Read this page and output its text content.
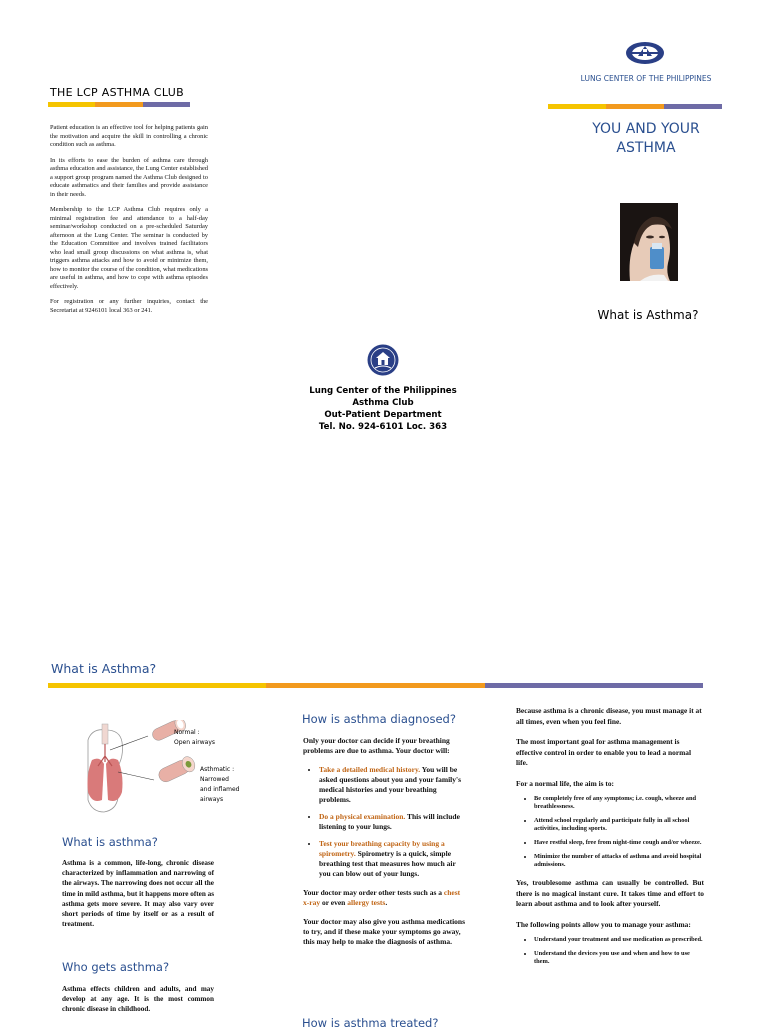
THE LCP ASTHMA CLUB

Patient education is an effective tool for helping patients gain the motivation and acquire the skill in controlling a chronic condition such as asthma.

In its efforts to ease the burden of asthma care through asthma education and assistance, the Lung Center established a support group program named the Asthma Club designed to educate asthmatics and their families and provide assistance in their needs.

Membership to the LCP Asthma Club requires only a minimal registration fee and attendance to a half-day seminar/workshop conducted on a pre-scheduled Saturday afternoon at the Lung Center. The seminar is conducted by the Education Committee and involves trained facilitators who lead small group discussions on what asthma is, what triggers asthma attacks and how to avoid or minimize them, how to monitor the course of the condition, what medications are useful in asthma, and how to cope with asthma episodes effectively.

For registration or any further inquiries, contact the Secretariat at 9246101 local 363 or 241.

Lung Center of the Philippines
Asthma Club
Out-Patient Department
Tel. No. 924-6101 Loc. 363
LUNG CENTER OF THE PHILIPPINES
YOU AND YOUR
ASTHMA
What is Asthma?
What is Asthma?
Normal :
Open airways
Asthmatic :
Narrowed
and inflamed
airways
What is asthma?
Asthma is a common, life-long, chronic disease characterized by inflammation and narrowing of the airways. The narrowing does not occur all the time in mild asthma, but it happens more often as asthma gets more severe. It may also vary over short periods of time by itself or as a result of treatment.
Who gets asthma?
Asthma effects children and adults, and may develop at any age. It is the most common chronic disease in childhood.
How is asthma diagnosed?

Only your doctor can decide if your breathing problems are due to asthma. Your doctor will:

• Take a detailed medical history. You will be asked questions about you and your family's medical histories and your breathing problems.
• Do a physical examination. This will include listening to your lungs.
• Test your breathing capacity by using a spirometry. Spirometry is a quick, simple breathing test that measures how much air you can blow out of your lungs.

Your doctor may order other tests such as a chest x-ray or even allergy tests.

Your doctor may also give you asthma medications to try, and if these make your symptoms go away, this may help to make the diagnosis of asthma.

How is asthma treated?

Because asthma is a chronic disease, you must manage it at all times, even when you feel fine.

The most important goal for asthma management is effective control in order to enable you to lead a normal life.

For a normal life, the aim is to:

• Be completely free of any symptoms; i.e. cough, wheeze and breathlessness.
• Attend school regularly and participate fully in all school activities, including sports.
• Have restful sleep, free from night-time cough and/or wheeze.
• Minimize the number of attacks of asthma and avoid hospital admissions.

Yes, troublesome asthma can usually be controlled. But there is no magical instant cure. It takes time and effort to learn about asthma and to look after yourself.

The following points allow you to manage your asthma:

• Understand your treatment and use medication as prescribed.
• Understand the devices you use and when and how to use them.
